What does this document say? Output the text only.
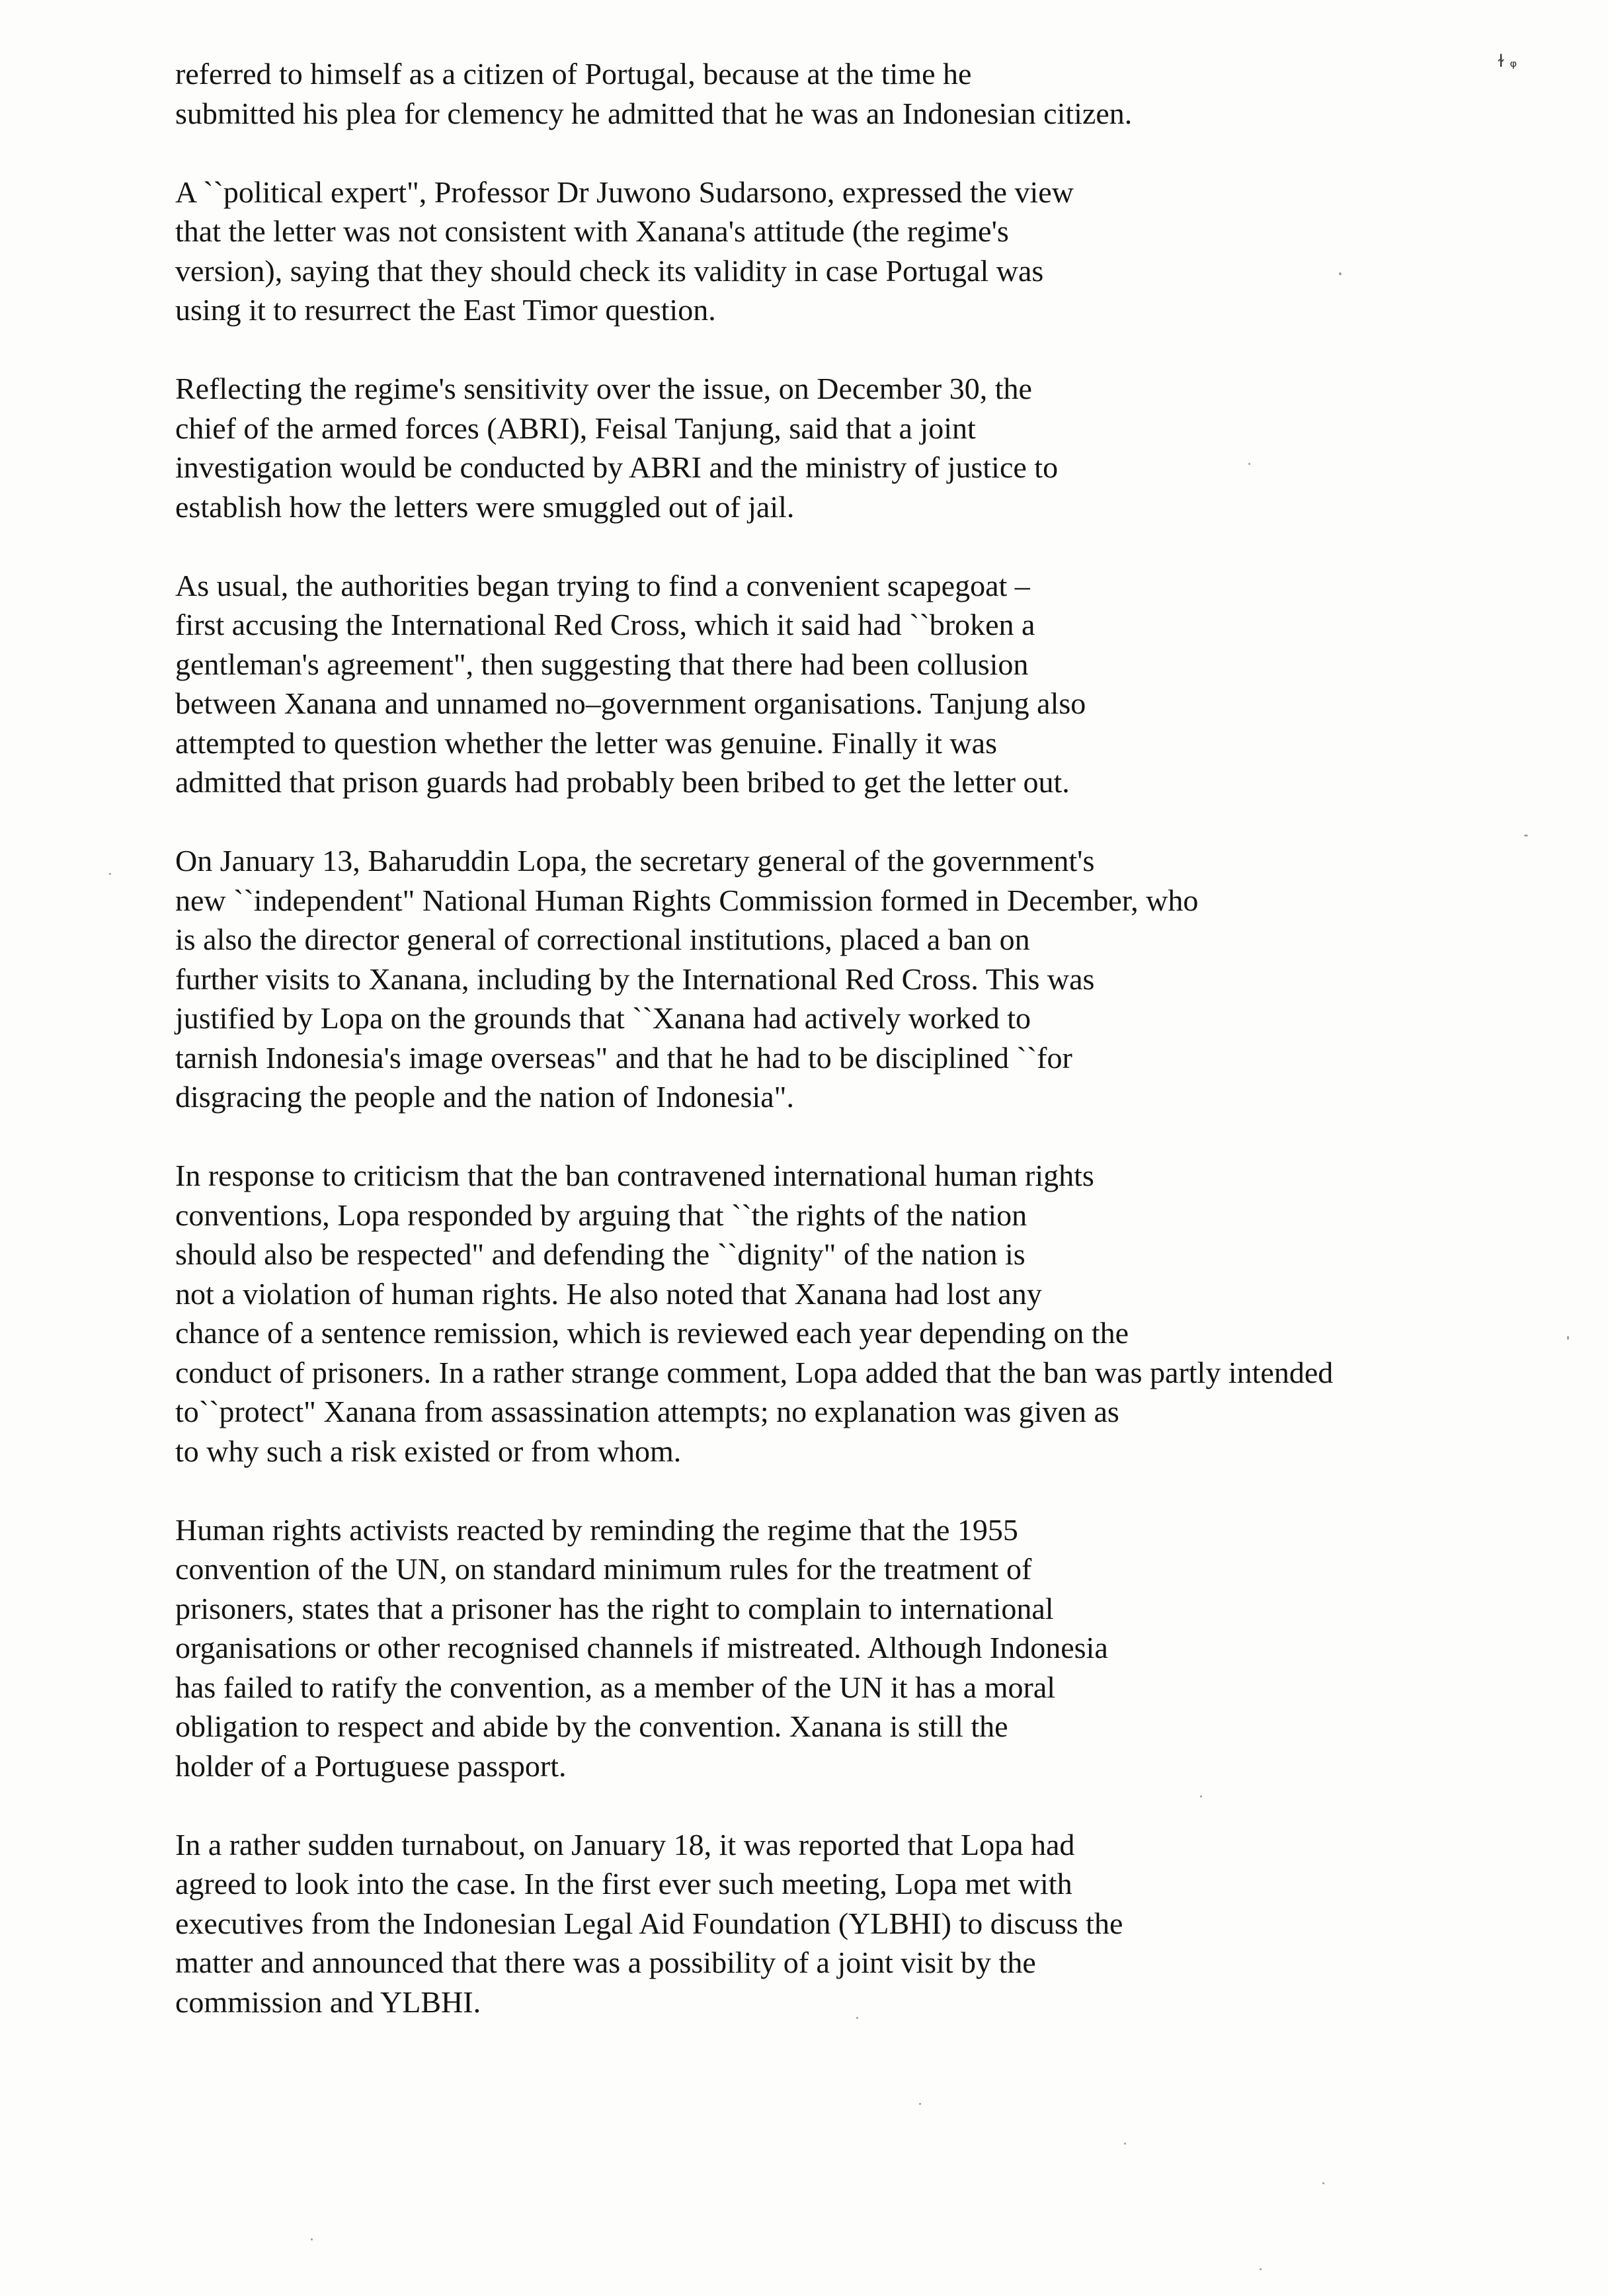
ɫ ᵩ

referred to himself as a citizen of Portugal, because at the time he
submitted his plea for clemency he admitted that he was an Indonesian citizen.

A ``political expert", Professor Dr Juwono Sudarsono, expressed the view
that the letter was not consistent with Xanana's attitude (the regime's
version), saying that they should check its validity in case Portugal was
using it to resurrect the East Timor question.

Reflecting the regime's sensitivity over the issue, on December 30, the
chief of the armed forces (ABRI), Feisal Tanjung, said that a joint
investigation would be conducted by ABRI and the ministry of justice to
establish how the letters were smuggled out of jail.

As usual, the authorities began trying to find a convenient scapegoat –
first accusing the International Red Cross, which it said had ``broken a
gentleman's agreement", then suggesting that there had been collusion
between Xanana and unnamed no–government organisations. Tanjung also
attempted to question whether the letter was genuine. Finally it was
admitted that prison guards had probably been bribed to get the letter out.

On January 13, Baharuddin Lopa, the secretary general of the government's
new ``independent" National Human Rights Commission formed in December, who
is also the director general of correctional institutions, placed a ban on
further visits to Xanana, including by the International Red Cross. This was
justified by Lopa on the grounds that ``Xanana had actively worked to
tarnish Indonesia's image overseas" and that he had to be disciplined ``for
disgracing the people and the nation of Indonesia".

In response to criticism that the ban contravened international human rights
conventions, Lopa responded by arguing that ``the rights of the nation
should also be respected" and defending the ``dignity" of the nation is
not a violation of human rights. He also noted that Xanana had lost any
chance of a sentence remission, which is reviewed each year depending on the
conduct of prisoners. In a rather strange comment, Lopa added that the ban was partly intended
to``protect" Xanana from assassination attempts; no explanation was given as
to why such a risk existed or from whom.

Human rights activists reacted by reminding the regime that the 1955
convention of the UN, on standard minimum rules for the treatment of
prisoners, states that a prisoner has the right to complain to international
organisations or other recognised channels if mistreated. Although Indonesia
has failed to ratify the convention, as a member of the UN it has a moral
obligation to respect and abide by the convention. Xanana is still the
holder of a Portuguese passport.

In a rather sudden turnabout, on January 18, it was reported that Lopa had
agreed to look into the case. In the first ever such meeting, Lopa met with
executives from the Indonesian Legal Aid Foundation (YLBHI) to discuss the
matter and announced that there was a possibility of a joint visit by the
commission and YLBHI.
